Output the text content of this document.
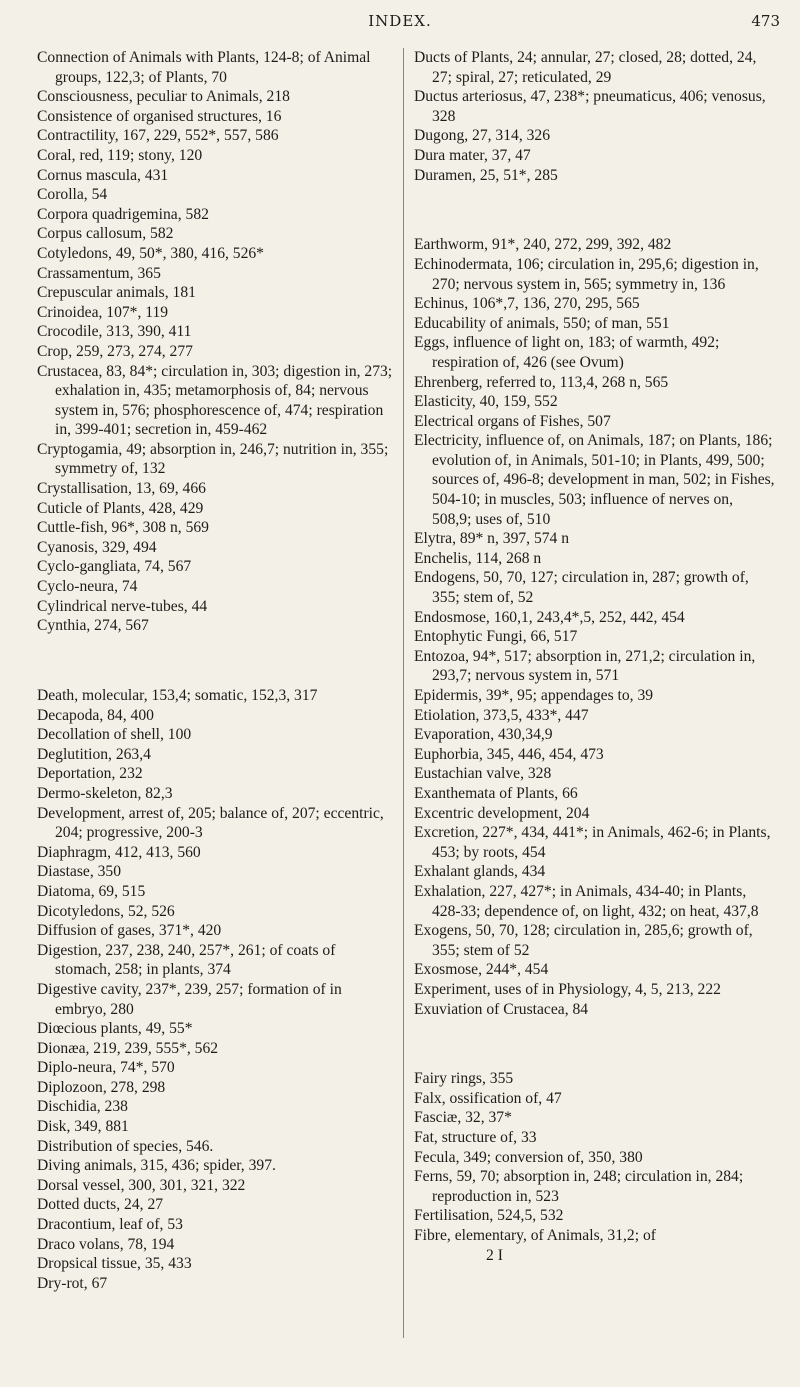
INDEX.	473

Connection of Animals with Plants, 124-8; of Animal groups, 122,3; of Plants, 70

Consciousness, peculiar to Animals, 218

Consistence of organised structures, 16

Contractility, 167, 229, 552*, 557, 586

Coral, red, 119; stony, 120

Cornus mascula, 431

Corolla, 54

Corpora quadrigemina, 582

Corpus callosum, 582

Cotyledons, 49, 50*, 380, 416, 526*

Crassamentum, 365

Crepuscular animals, 181

Crinoidea, 107*, 119

Crocodile, 313, 390, 411

Crop, 259, 273, 274, 277

Crustacea, 83, 84*; circulation in, 303; digestion in, 273; exhalation in, 435; metamorphosis of, 84; nervous system in, 576; phosphorescence of, 474; respiration in, 399-401; secretion in, 459-462

Cryptogamia, 49; absorption in, 246,7; nutrition in, 355; symmetry of, 132

Crystallisation, 13, 69, 466

Cuticle of Plants, 428, 429

Cuttle-fish, 96*, 308 n, 569

Cyanosis, 329, 494

Cyclo-gangliata, 74, 567

Cyclo-neura, 74

Cylindrical nerve-tubes, 44

Cynthia, 274, 567

Death, molecular, 153,4; somatic, 152,3, 317

Decapoda, 84, 400

Decollation of shell, 100

Deglutition, 263,4

Deportation, 232

Dermo-skeleton, 82,3

Development, arrest of, 205; balance of, 207; eccentric, 204; progressive, 200-3

Diaphragm, 412, 413, 560

Diastase, 350

Diatoma, 69, 515

Dicotyledons, 52, 526

Diffusion of gases, 371*, 420

Digestion, 237, 238, 240, 257*, 261; of coats of stomach, 258; in plants, 374

Digestive cavity, 237*, 239, 257; formation of in embryo, 280

Diœcious plants, 49, 55*

Dionæa, 219, 239, 555*, 562

Diplo-neura, 74*, 570

Diplozoon, 278, 298

Dischidia, 238

Disk, 349, 881

Distribution of species, 546.

Diving animals, 315, 436; spider, 397.

Dorsal vessel, 300, 301, 321, 322

Dotted ducts, 24, 27

Dracontium, leaf of, 53

Draco volans, 78, 194

Dropsical tissue, 35, 433

Dry-rot, 67

Ducts of Plants, 24; annular, 27; closed, 28; dotted, 24, 27; spiral, 27; reticulated, 29

Ductus arteriosus, 47, 238*; pneumaticus, 406; venosus, 328

Dugong, 27, 314, 326

Dura mater, 37, 47

Duramen, 25, 51*, 285

Earthworm, 91*, 240, 272, 299, 392, 482

Echinodermata, 106; circulation in, 295,6; digestion in, 270; nervous system in, 565; symmetry in, 136

Echinus, 106*,7, 136, 270, 295, 565

Educability of animals, 550; of man, 551

Eggs, influence of light on, 183; of warmth, 492; respiration of, 426 (see Ovum)

Ehrenberg, referred to, 113,4, 268 n, 565

Elasticity, 40, 159, 552

Electrical organs of Fishes, 507

Electricity, influence of, on Animals, 187; on Plants, 186; evolution of, in Animals, 501-10; in Plants, 499, 500; sources of, 496-8; development in man, 502; in Fishes, 504-10; in muscles, 503; influence of nerves on, 508,9; uses of, 510

Elytra, 89* n, 397, 574 n

Enchelis, 114, 268 n

Endogens, 50, 70, 127; circulation in, 287; growth of, 355; stem of, 52

Endosmose, 160,1, 243,4*,5, 252, 442, 454

Entophytic Fungi, 66, 517

Entozoa, 94*, 517; absorption in, 271,2; circulation in, 293,7; nervous system in, 571

Epidermis, 39*, 95; appendages to, 39

Etiolation, 373,5, 433*, 447

Evaporation, 430,34,9

Euphorbia, 345, 446, 454, 473

Eustachian valve, 328

Exanthemata of Plants, 66

Excentric development, 204

Excretion, 227*, 434, 441*; in Animals, 462-6; in Plants, 453; by roots, 454

Exhalant glands, 434

Exhalation, 227, 427*; in Animals, 434-40; in Plants, 428-33; dependence of, on light, 432; on heat, 437,8

Exogens, 50, 70, 128; circulation in, 285,6; growth of, 355; stem of 52

Exosmose, 244*, 454

Experiment, uses of in Physiology, 4, 5, 213, 222

Exuviation of Crustacea, 84

Fairy rings, 355

Falx, ossification of, 47

Fasciæ, 32, 37*

Fat, structure of, 33

Fecula, 349; conversion of, 350, 380

Ferns, 59, 70; absorption in, 248; circulation in, 284; reproduction in, 523

Fertilisation, 524,5, 532

Fibre, elementary, of Animals, 31,2; of

2 I
